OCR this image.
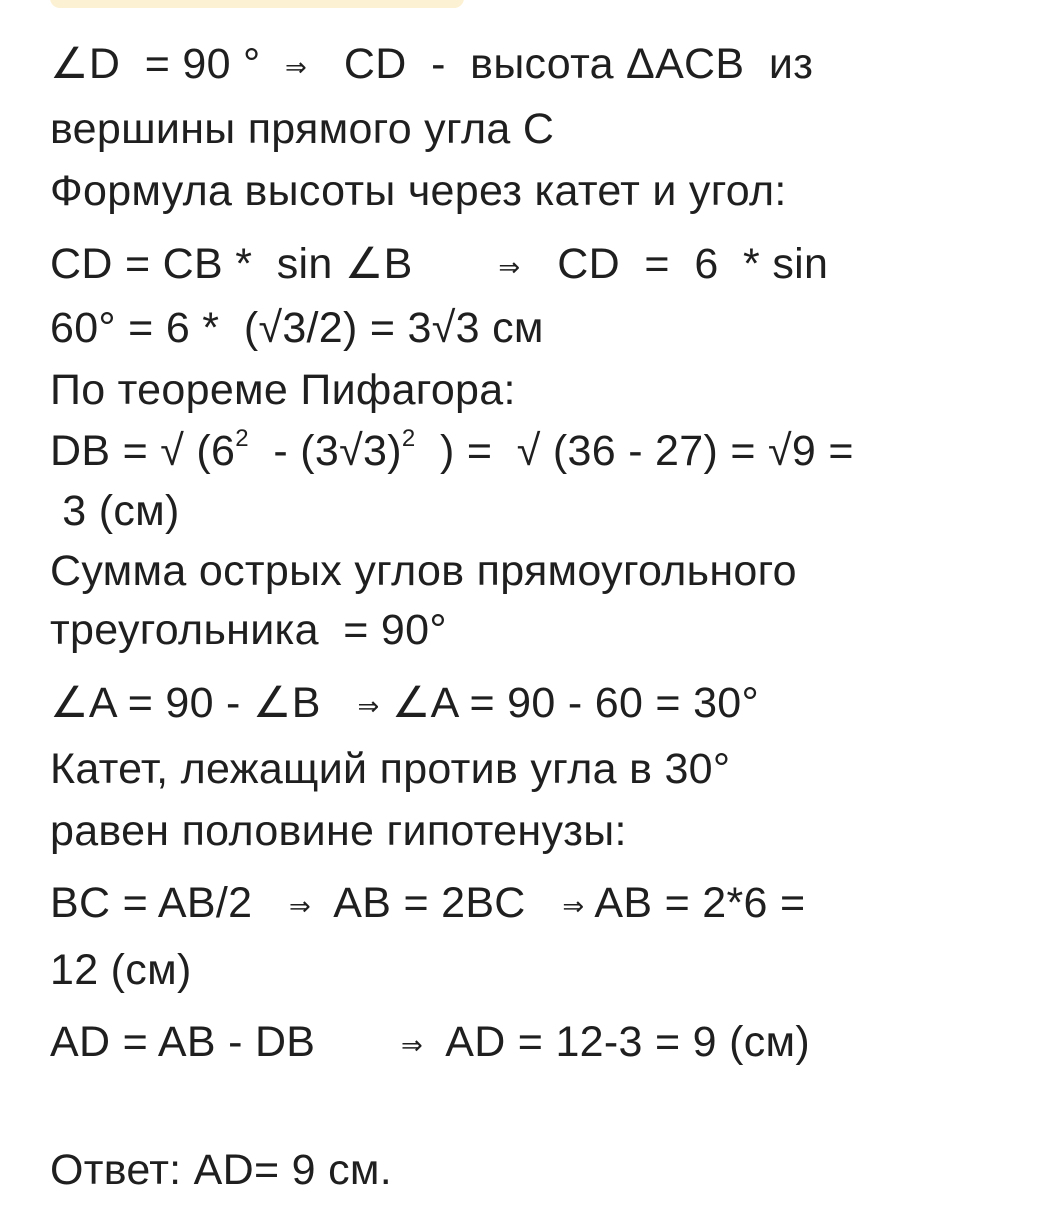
∠D  = 90 °  ⇒   CD  -  высота ΔACB  из
вершины прямого угла C
Формула высоты через катет и угол:
CD = CB *  sin ∠B       ⇒   CD  =  6  * sin
60° = 6 *  (√3/2) = 3√3 см
По теореме Пифагора:
DB = √ ($6^2 - (3√3)^2$  ) =  √ (36 - 27) = √9 =
3 (см)
Сумма острых углов прямоугольного
треугольника  = 90°
∠A = 90 - ∠B   ⇒ ∠A = 90 - 60 = 30°
Катет, лежащий против угла в 30°
равен половине гипотенузы:
BC = AB/2   ⇒  AB = 2BC   ⇒ AB = 2*6 =
12 (см)
AD = AB - DB       ⇒  AD = 12-3 = 9 (см)
Ответ: AD= 9 см.
